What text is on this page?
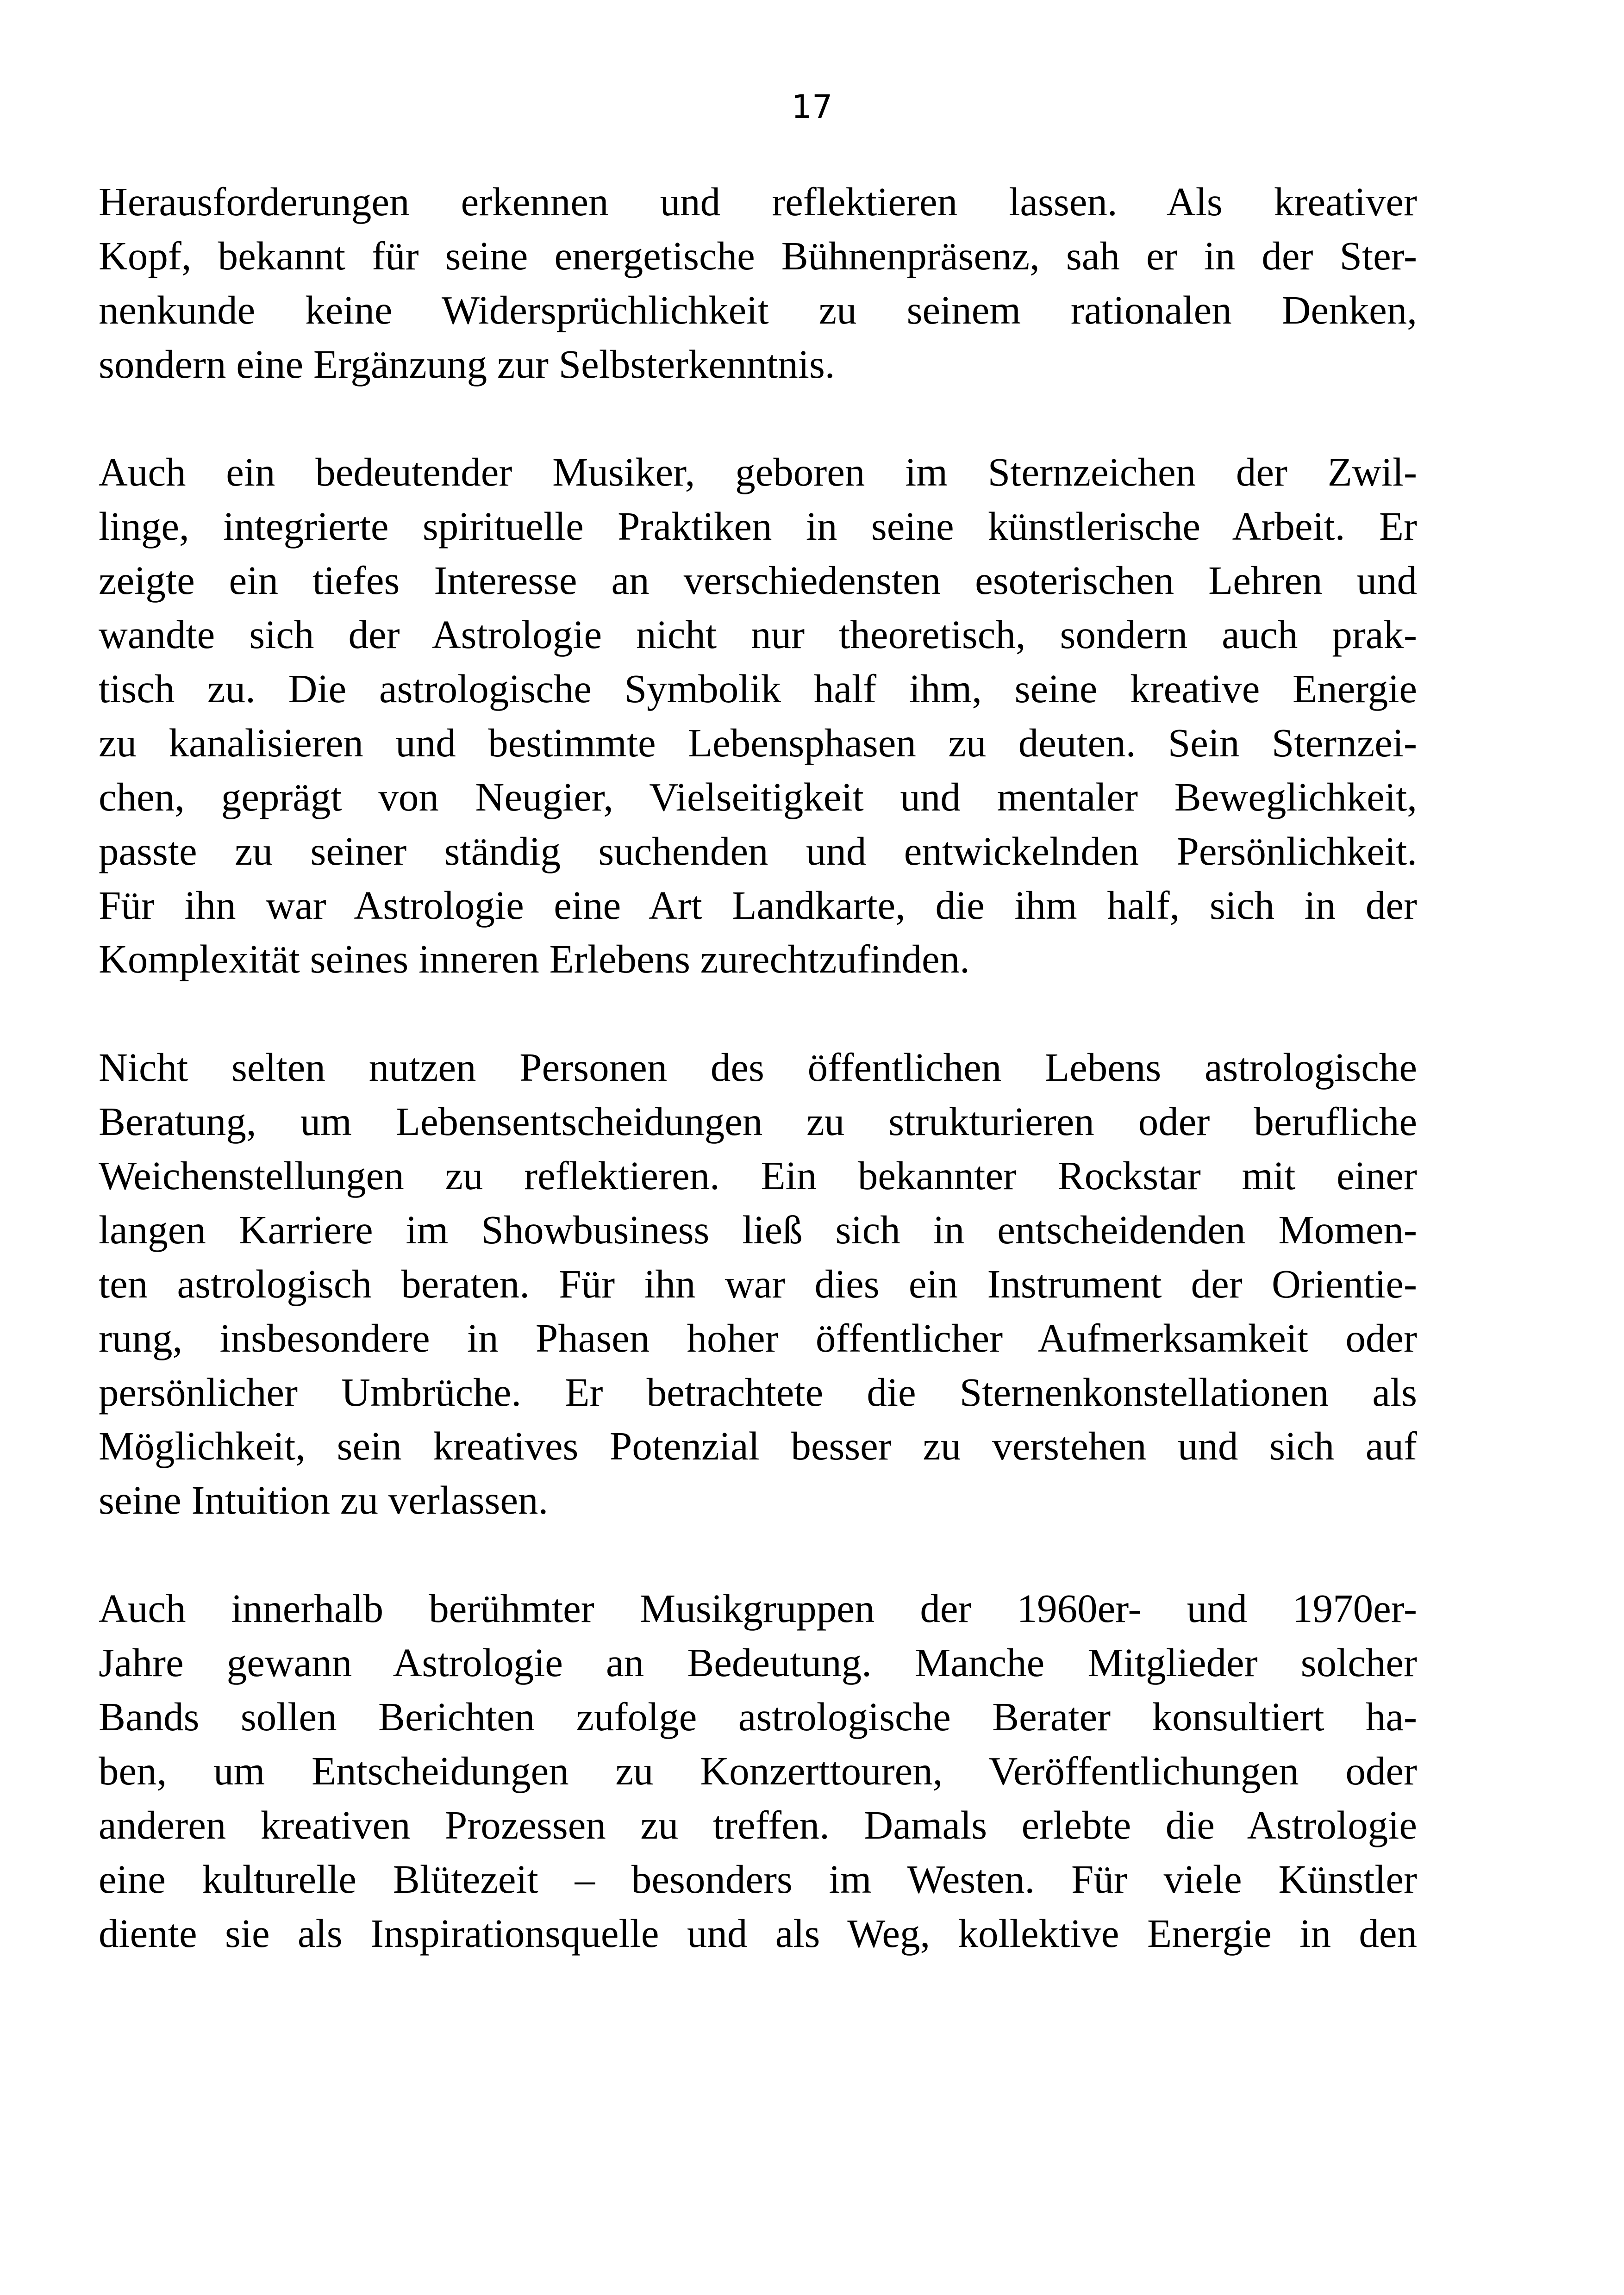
17
Herausforderungen erkennen und reflektieren lassen. Als kreativer
Kopf, bekannt für seine energetische Bühnenpräsenz, sah er in der Ster-
nenkunde keine Widersprüchlichkeit zu seinem rationalen Denken,
sondern eine Ergänzung zur Selbsterkenntnis.
Auch ein bedeutender Musiker, geboren im Sternzeichen der Zwil-
linge, integrierte spirituelle Praktiken in seine künstlerische Arbeit. Er
zeigte ein tiefes Interesse an verschiedensten esoterischen Lehren und
wandte sich der Astrologie nicht nur theoretisch, sondern auch prak-
tisch zu. Die astrologische Symbolik half ihm, seine kreative Energie
zu kanalisieren und bestimmte Lebensphasen zu deuten. Sein Sternzei-
chen, geprägt von Neugier, Vielseitigkeit und mentaler Beweglichkeit,
passte zu seiner ständig suchenden und entwickelnden Persönlichkeit.
Für ihn war Astrologie eine Art Landkarte, die ihm half, sich in der
Komplexität seines inneren Erlebens zurechtzufinden.
Nicht selten nutzen Personen des öffentlichen Lebens astrologische
Beratung, um Lebensentscheidungen zu strukturieren oder berufliche
Weichenstellungen zu reflektieren. Ein bekannter Rockstar mit einer
langen Karriere im Showbusiness ließ sich in entscheidenden Momen-
ten astrologisch beraten. Für ihn war dies ein Instrument der Orientie-
rung, insbesondere in Phasen hoher öffentlicher Aufmerksamkeit oder
persönlicher Umbrüche. Er betrachtete die Sternenkonstellationen als
Möglichkeit, sein kreatives Potenzial besser zu verstehen und sich auf
seine Intuition zu verlassen.
Auch innerhalb berühmter Musikgruppen der 1960er- und 1970er-
Jahre gewann Astrologie an Bedeutung. Manche Mitglieder solcher
Bands sollen Berichten zufolge astrologische Berater konsultiert ha-
ben, um Entscheidungen zu Konzerttouren, Veröffentlichungen oder
anderen kreativen Prozessen zu treffen. Damals erlebte die Astrologie
eine kulturelle Blütezeit – besonders im Westen. Für viele Künstler
diente sie als Inspirationsquelle und als Weg, kollektive Energie in den
